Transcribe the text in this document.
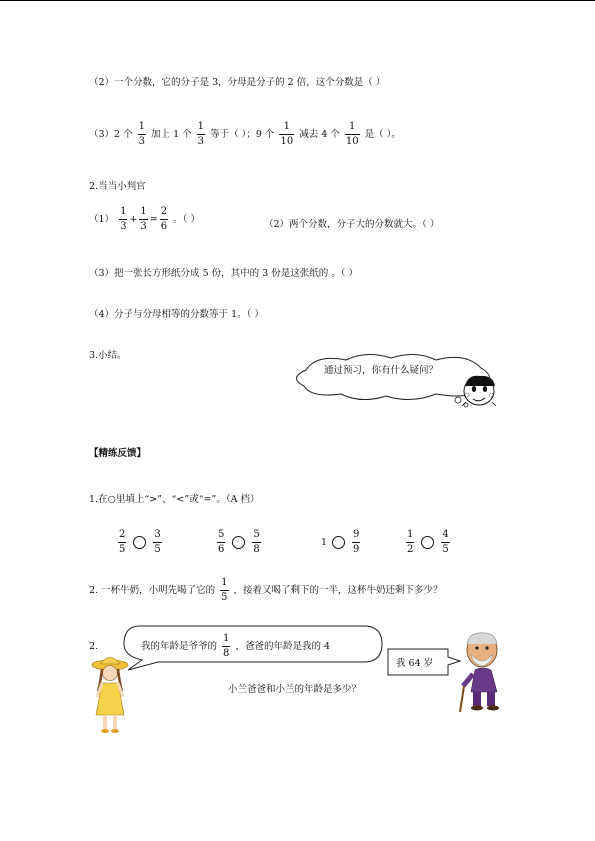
（2）一个分数，它的分子是 3，分母是分子的 2 倍，这个分数是（ ）
（3）2 个 $\frac{1}{3}$ 加上 1 个 $\frac{1}{3}$ 等于（ ）；9 个 $\frac{1}{10}$ 减去 4 个 $\frac{1}{10}$ 是（ ）。
2.当当小判官
$(1) \frac{1}{3} + \frac{1}{3} = \frac{2}{6}$ 。（ ）	（2）两个分数，分子大的分数就大。（ ）
（3）把一张长方形纸分成 5 份，其中的 3 份是这张纸的 。（ ）
（4）分子与分母相等的分数等于 1。（ ）
3.小结。
通过预习，你有什么疑问？
【精练反馈】
1.在○里填上“>”、“<”或“=”。（A 档）
$\frac{2}{5}$	$\frac{3}{5}$	$\frac{5}{6}$	$\frac{5}{8}$	1	$\frac{9}{9}$	$\frac{1}{2}$	$\frac{4}{5}$
2. 一杯牛奶，小明先喝了它的 $\frac{1}{5}$ ，接着又喝了剩下的一半，这杯牛奶还剩下多少？
2.	我的年龄是爷爷的 $\frac{1}{8}$ ，爸爸的年龄是我的 4
小兰爸爸和小兰的年龄是多少？
我 64 岁
